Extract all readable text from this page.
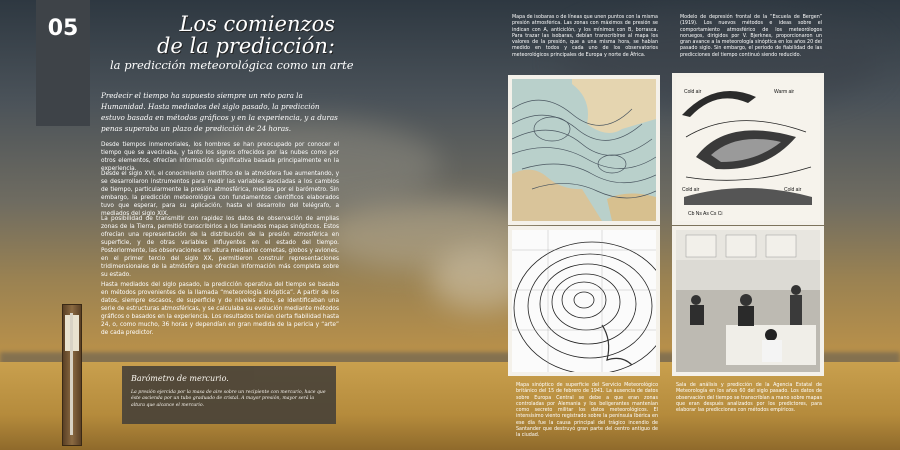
05	Los comienzos
de la predicción:
la predicción meteorológica como un arte

Predecir el tiempo ha supuesto siempre un reto para la Humanidad. Hasta mediados del siglo pasado, la predicción estuvo basada en métodos gráficos y en la experiencia, y a duras penas superaba un plazo de predicción de 24 horas.

Desde tiempos inmemoriales, los hombres se han preocupado por conocer el tiempo que se avecinaba, y tanto los signos ofrecidos por las nubes como por otros elementos, ofrecían información significativa basada principalmente en la experiencia.

Desde el siglo XVI, el conocimiento científico de la atmósfera fue aumentando, y se desarrollaron instrumentos para medir las variables asociadas a los cambios de tiempo, particularmente la presión atmosférica, medida por el barómetro. Sin embargo, la predicción meteorológica con fundamentos científicos elaborados tuvo que esperar, para su aplicación, hasta el desarrollo del telégrafo, a mediados del siglo XIX.

La posibilidad de transmitir con rapidez los datos de observación de amplias zonas de la Tierra, permitió transcribirlos a los llamados mapas sinópticos. Estos ofrecían una representación de la distribución de la presión atmosférica en superficie, y de otras variables influyentes en el estado del tiempo. Posteriormente, las observaciones en altura mediante cometas, globos y aviones, en el primer tercio del siglo XX, permitieron construir representaciones tridimensionales de la atmósfera que ofrecían información más completa sobre su estado.

Hasta mediados del siglo pasado, la predicción operativa del tiempo se basaba en métodos provenientes de la llamada “meteorología sinóptica”. A partir de los datos, siempre escasos, de superficie y de niveles altos, se identificaban una serie de estructuras atmosféricas, y se calculaba su evolución mediante métodos gráficos o basados en la experiencia. Los resultados tenían cierta fiabilidad hasta 24, o, como mucho, 36 horas y dependían en gran medida de la pericia y “arte” de cada predictor.

Barómetro de mercurio.

La presión ejercida por la masa de aire sobre un recipiente con mercurio, hace que éste ascienda por un tubo graduado de cristal. A mayor presión, mayor será la altura que alcance el mercurio.

Mapa de isobaras o de líneas que unen puntos con la misma presión atmosférica. Las zonas con máximos de presión se indican con A, anticiclón, y los mínimos con B, borrasca. Para trazar las isobaras, debían transcribirse al mapa los valores de la presión, que a una misma hora, se habían medido en todos y cada uno de los observatorios meteorológicos principales de Europa y norte de África.

Modelo de depresión frontal de la “Escuela de Bergen” (1919). Los nuevos métodos e ideas sobre el comportamiento atmosférico de los meteorólogos noruegos, dirigidos por V. Bjerknes, proporcionaron un gran avance a la meteorología sinóptica en los años 20 del pasado siglo. Sin embargo, el periodo de fiabilidad de las predicciones del tiempo continuó siendo reducido.

Mapa sinóptico de superficie del Servicio Meteorológico británico del 15 de febrero de 1941. La ausencia de datos sobre Europa Central se debe a que eran zonas controladas por Alemania y los beligerantes mantenían como secreto militar los datos meteorológicos. El intensísimo viento registrado sobre la península Ibérica en ese día fue la causa principal del trágico incendio de Santander que destruyó gran parte del centro antiguo de la ciudad.

Sala de análisis y predicción de la Agencia Estatal de Meteorología en los años 60 del siglo pasado. Los datos de observación del tiempo se transcribían a mano sobre mapas que eran después analizados por los predictores, para elaborar las predicciones con métodos empíricos.

Cold air	Warm air
Cold air	Cold air
Cb Ns As Cs Ci
